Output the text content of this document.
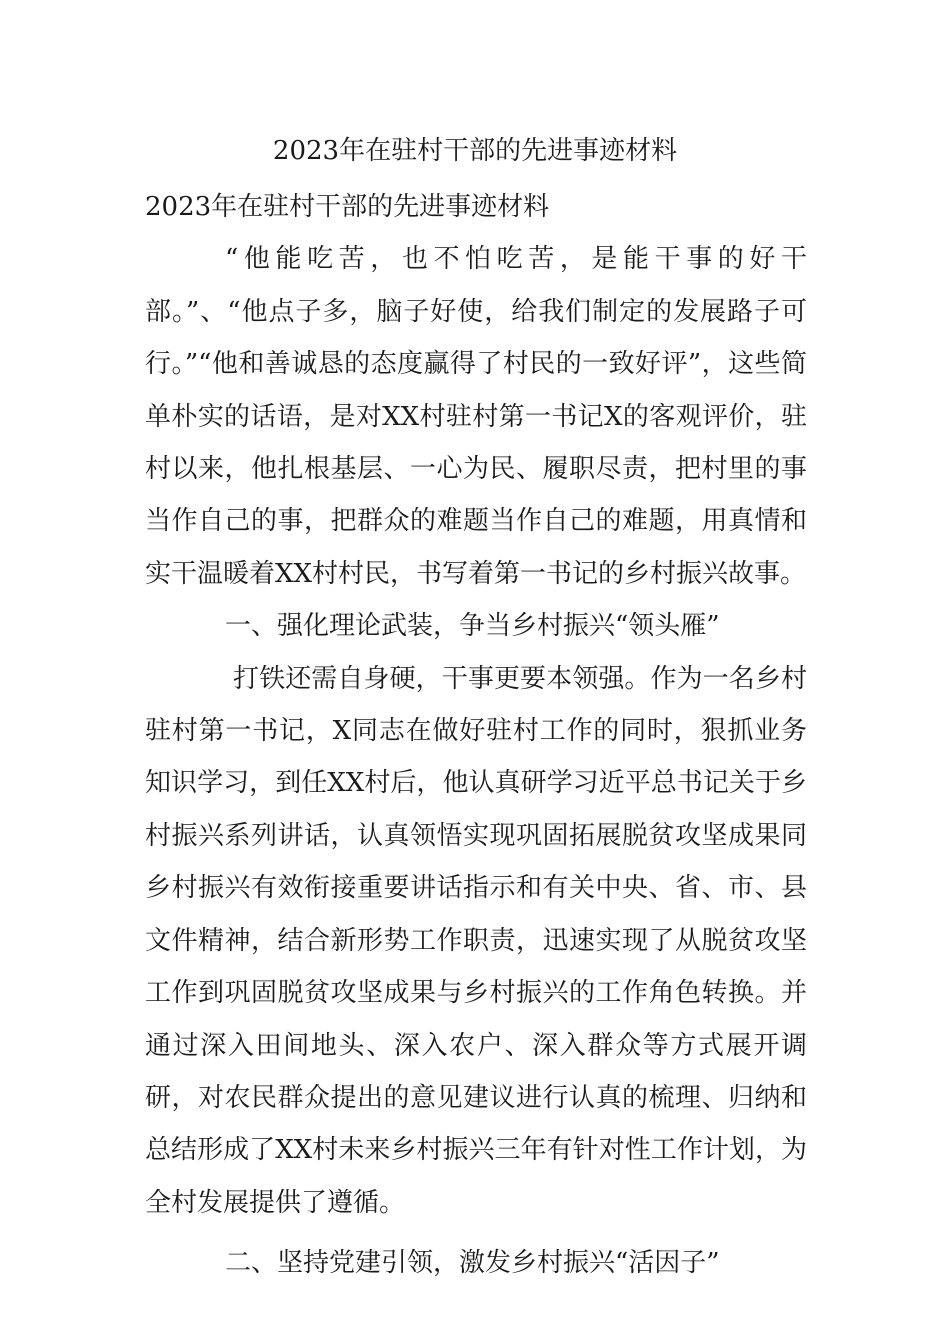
2023年在驻村干部的先进事迹材料

2023年在驻村干部的先进事迹材料

“他能吃苦，也不怕吃苦，是能干事的好干部。”、“他点子多，脑子好使，给我们制定的发展路子可行。”“他和善诚恳的态度赢得了村民的一致好评”，这些简单朴实的话语，是对XX村驻村第一书记X的客观评价，驻村以来，他扎根基层、一心为民、履职尽责，把村里的事当作自己的事，把群众的难题当作自己的难题，用真情和实干温暖着XX村村民，书写着第一书记的乡村振兴故事。

一、强化理论武装，争当乡村振兴“领头雁”

打铁还需自身硬，干事更要本领强。作为一名乡村驻村第一书记，X同志在做好驻村工作的同时，狠抓业务知识学习，到任XX村后，他认真研学习近平总书记关于乡村振兴系列讲话，认真领悟实现巩固拓展脱贫攻坚成果同乡村振兴有效衔接重要讲话指示和有关中央、省、市、县文件精神，结合新形势工作职责，迅速实现了从脱贫攻坚工作到巩固脱贫攻坚成果与乡村振兴的工作角色转换。并通过深入田间地头、深入农户、深入群众等方式展开调研，对农民群众提出的意见建议进行认真的梳理、归纳和总结形成了XX村未来乡村振兴三年有针对性工作计划，为全村发展提供了遵循。

二、坚持党建引领，激发乡村振兴“活因子”
